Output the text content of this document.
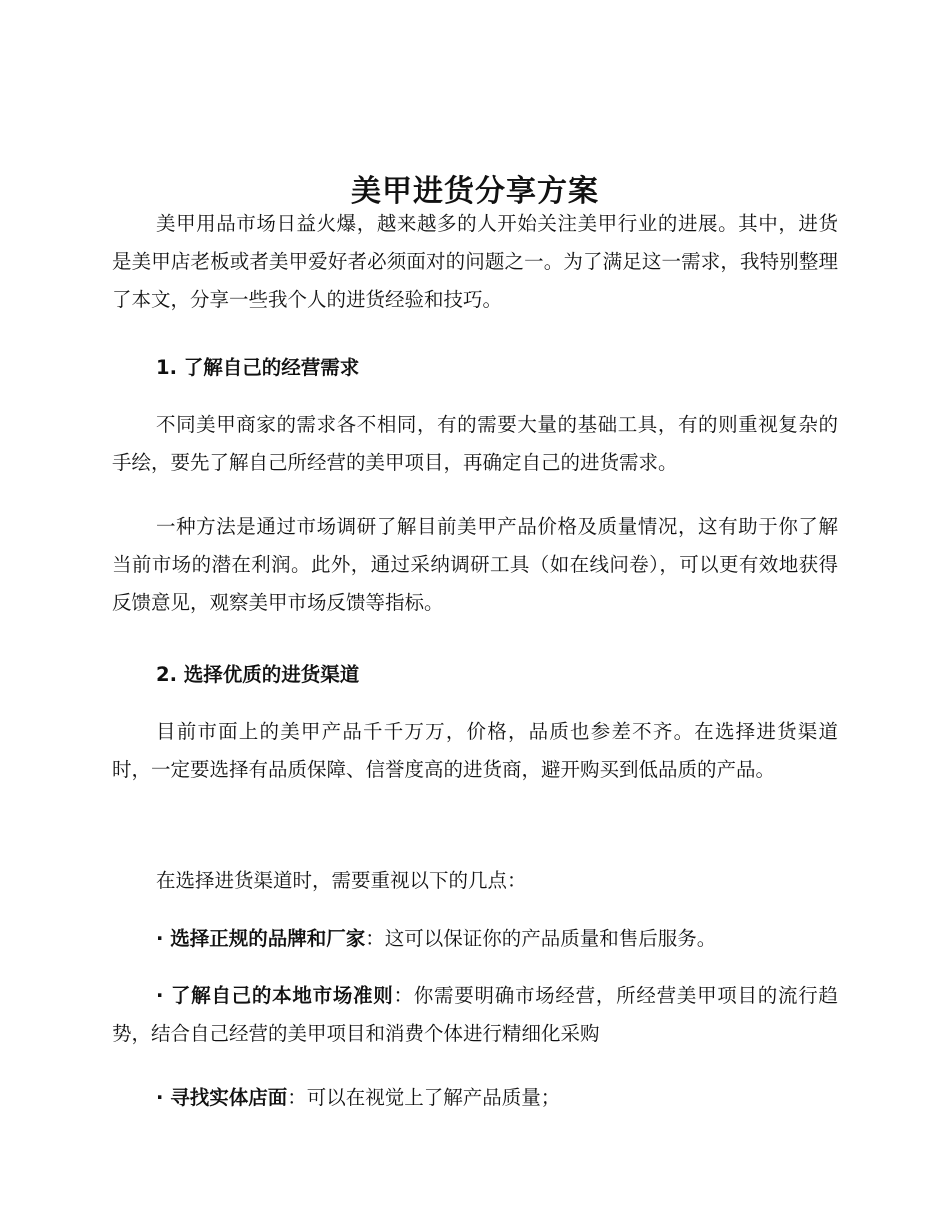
美甲进货分享方案

美甲用品市场日益火爆，越来越多的人开始关注美甲行业的进展。其中，进货是美甲店老板或者美甲爱好者必须面对的问题之一。为了满足这一需求，我特别整理了本文，分享一些我个人的进货经验和技巧。

1. 了解自己的经营需求

不同美甲商家的需求各不相同，有的需要大量的基础工具，有的则重视复杂的手绘，要先了解自己所经营的美甲项目，再确定自己的进货需求。

一种方法是通过市场调研了解目前美甲产品价格及质量情况，这有助于你了解当前市场的潜在利润。此外，通过采纳调研工具（如在线问卷），可以更有效地获得反馈意见，观察美甲市场反馈等指标。

2. 选择优质的进货渠道

目前市面上的美甲产品千千万万，价格，品质也参差不齐。在选择进货渠道时，一定要选择有品质保障、信誉度高的进货商，避开购买到低品质的产品。

在选择进货渠道时，需要重视以下的几点：

· 选择正规的品牌和厂家：这可以保证你的产品质量和售后服务。

· 了解自己的本地市场准则：你需要明确市场经营，所经营美甲项目的流行趋势，结合自己经营的美甲项目和消费个体进行精细化采购

· 寻找实体店面：可以在视觉上了解产品质量；
